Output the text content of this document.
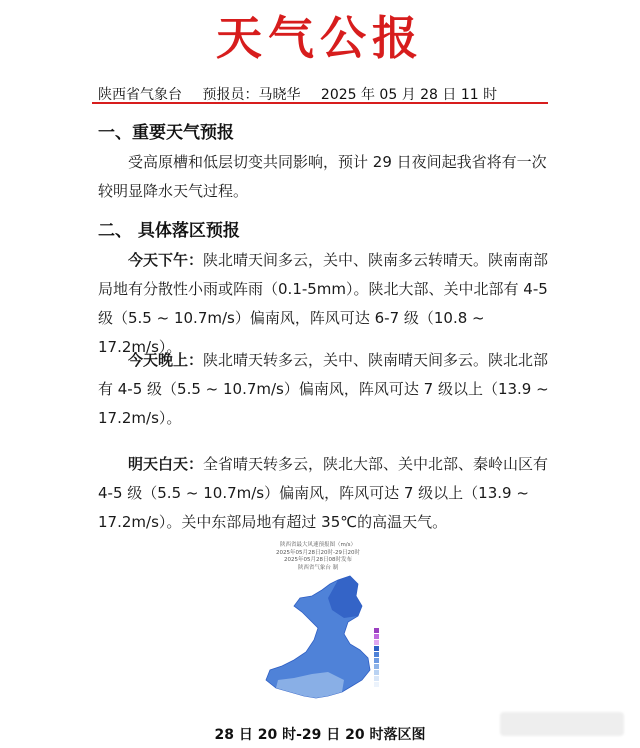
天气公报
陕西省气象台 预报员：马晓华 2025 年 05 月 28 日 11 时
一、重要天气预报
受高原槽和低层切变共同影响，预计 29 日夜间起我省将有一次较明显降水天气过程。
二、 具体落区预报
今天下午：陕北晴天间多云，关中、陕南多云转晴天。陕南南部局地有分散性小雨或阵雨（0.1-5mm）。陕北大部、关中北部有 4-5 级（5.5 ~ 10.7m/s）偏南风，阵风可达 6-7 级（10.8 ~ 17.2m/s）。
今天晚上：陕北晴天转多云，关中、陕南晴天间多云。陕北北部有 4-5 级（5.5 ~ 10.7m/s）偏南风，阵风可达 7 级以上（13.9 ~ 17.2m/s）。
明天白天：全省晴天转多云，陕北大部、关中北部、秦岭山区有 4-5 级（5.5 ~ 10.7m/s）偏南风，阵风可达 7 级以上（13.9 ~ 17.2m/s）。关中东部局地有超过 35℃的高温天气。
陕西省最大风速预报图（m/s）
2025年05月28日20时-29日20时
2025年05月28日08时发布
陕西省气象台 制
28 日 20 时-29 日 20 时落区图
